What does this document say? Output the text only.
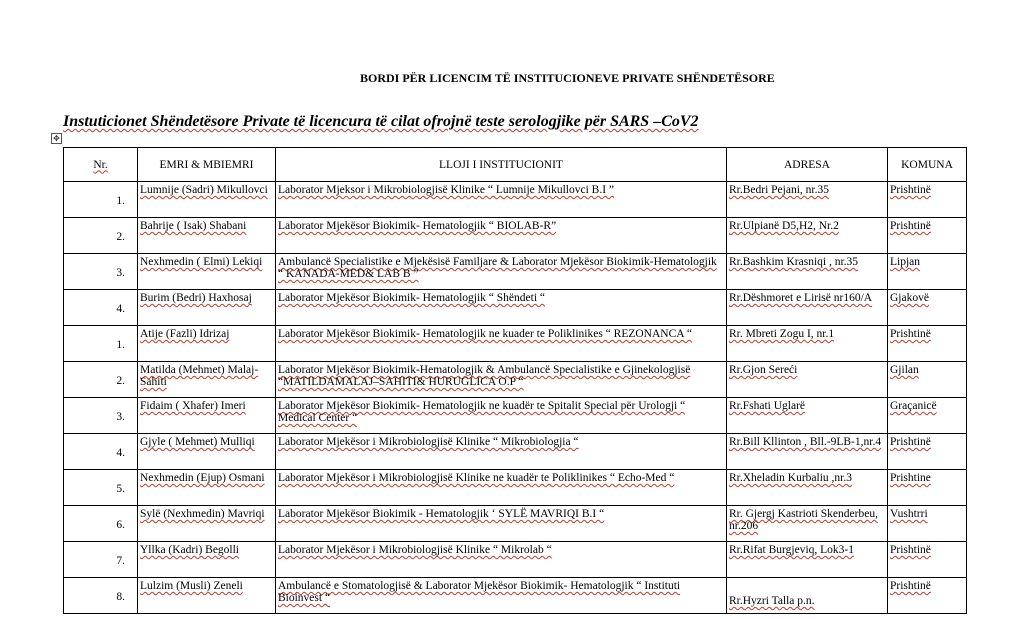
BORDI PËR LICENCIM TË INSTITUCIONEVE PRIVATE SHËNDETËSORE
Instuticionet Shëndetësore Private të licencura të cilat ofrojnë teste serologjike për SARS –CoV2
✥
Nr.	EMRI & MBIEMRI	LLOJI I INSTITUCIONIT	ADRESA	KOMUNA
1.	Lumnije (Sadri) Mikullovci	Laborator Mjeksor i Mikrobiologjisë Klinike “ Lumnije Mikullovci B.I ”	Rr.Bedri Pejani, nr.35	Prishtinë
2.	Bahrije ( Isak) Shabani	Laborator Mjekësor Biokimik- Hematologjik “ BIOLAB-R”	Rr.Ulpianë D5,H2, Nr.2	Prishtinë
3.	Nexhmedin ( Elmi) Lekiqi	Ambulancë Specialistike e Mjekësisë Familjare & Laborator Mjekësor Biokimik-Hematologjik “ KANADA-MED& LAB B ”	Rr.Bashkim Krasniqi , nr.35	Lipjan
4.	Burim (Bedri) Haxhosaj	Laborator Mjekësor Biokimik- Hematologjik “ Shëndeti “	Rr.Dëshmoret e Lirisë nr160/A	Gjakovë
1.	Atije (Fazli) Idrizaj	Laborator Mjekësor Biokimik- Hematologjik ne kuader te Poliklinikes “ REZONANCA “	Rr. Mbreti Zogu I, nr.1	Prishtinë
2.	Matilda (Mehmet) Malaj-Sahiti	Laborator Mjekësor Biokimik-Hematologjik & Ambulancë Specialistike e Gjinekologjisë “MATILDAMALAJ–SAHITI& HURUGLICA O.P “	Rr.Gjon Sereći	Gjilan
3.	Fidaim ( Xhafer) Imeri	Laborator Mjekësor Biokimik- Hematologjik ne kuadër te Spitalit Special për Urologji “ Medical Center “	Rr.Fshati Uglarë	Graçanicë
4.	Gjyle ( Mehmet) Mulliqi	Laborator Mjekësor i Mikrobiologjisë Klinike “ Mikrobiologjia “	Rr.Bill Kllinton , Bll.-9LB-1,nr.4	Prishtinë
5.	Nexhmedin (Ejup) Osmani	Laborator Mjekësor i Mikrobiologjisë Klinike ne kuadër te Poliklinikes “ Echo-Med “	Rr.Xheladin Kurbaliu ,nr.3	Prishtine
6.	Sylë (Nexhmedin) Mavriqi	Laborator Mjekësor Biokimik - Hematologjik ‘ SYLË MAVRIQI B.I “	Rr. Gjergj Kastrioti Skenderbeu, nr.206	Vushtrri
7.	Yllka (Kadri) Begolli	Laborator Mjekësor i Mikrobiologjisë Klinike “ Mikrolab “	Rr.Rifat Burgjeviq, Lok3-1	Prishtinë
8.	Lulzim (Musli) Zeneli	Ambulancë e Stomatologjisë & Laborator Mjekësor Biokimik- Hematologjik “ Instituti Bioinvest “	Rr.Hyzri Talla p.n.	Prishtinë
